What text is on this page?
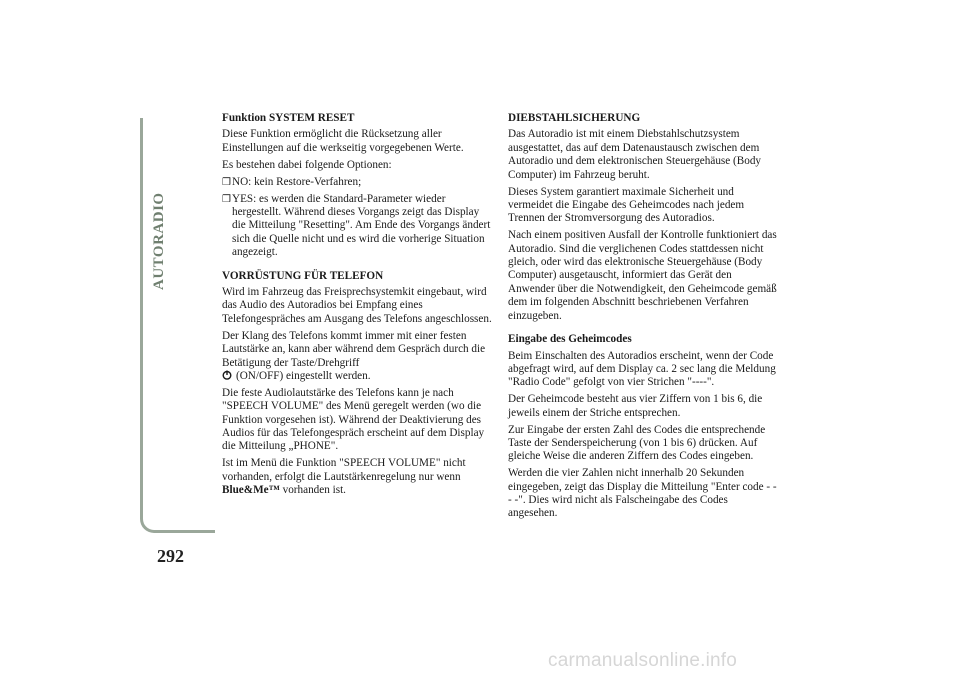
AUTORADIO
292
Funktion SYSTEM RESET

Diese Funktion ermöglicht die Rücksetzung aller Einstellungen auf die werkseitig vorgegebenen Werte.

Es bestehen dabei folgende Optionen:

❒ NO: kein Restore-Verfahren;
❒ YES: es werden die Standard-Parameter wieder hergestellt. Während dieses Vorgangs zeigt das Display die Mitteilung "Resetting". Am Ende des Vorgangs ändert sich die Quelle nicht und es wird die vorherige Situation angezeigt.
VORRÜSTUNG FÜR TELEFON

Wird im Fahrzeug das Freisprechsystemkit eingebaut, wird das Audio des Autoradios bei Empfang eines Telefongespräches am Ausgang des Telefons angeschlossen.

Der Klang des Telefons kommt immer mit einer festen Lautstärke an, kann aber während dem Gespräch durch die Betätigung der Taste/Drehgriff
(ON/OFF) eingestellt werden.

Die feste Audiolautstärke des Telefons kann je nach "SPEECH VOLUME" des Menü geregelt werden (wo die Funktion vorgesehen ist). Während der Deaktivierung des Audios für das Telefongespräch erscheint auf dem Display die Mitteilung „PHONE".

Ist im Menü die Funktion "SPEECH VOLUME" nicht vorhanden, erfolgt die Lautstärkenregelung nur wenn Blue&Me™ vorhanden ist.

DIEBSTAHLSICHERUNG

Das Autoradio ist mit einem Diebstahlschutzsystem ausgestattet, das auf dem Datenaustausch zwischen dem Autoradio und dem elektronischen Steuergehäuse (Body Computer) im Fahrzeug beruht.

Dieses System garantiert maximale Sicherheit und vermeidet die Eingabe des Geheimcodes nach jedem Trennen der Stromversorgung des Autoradios.

Nach einem positiven Ausfall der Kontrolle funktioniert das Autoradio. Sind die verglichenen Codes stattdessen nicht gleich, oder wird das elektronische Steuergehäuse (Body Computer) ausgetauscht, informiert das Gerät den Anwender über die Notwendigkeit, den Geheimcode gemäß dem im folgenden Abschnitt beschriebenen Verfahren einzugeben.

Eingabe des Geheimcodes

Beim Einschalten des Autoradios erscheint, wenn der Code abgefragt wird, auf dem Display ca. 2 sec lang die Meldung "Radio Code" gefolgt von vier Strichen "----".

Der Geheimcode besteht aus vier Ziffern von 1 bis 6, die jeweils einem der Striche entsprechen.

Zur Eingabe der ersten Zahl des Codes die entsprechende Taste der Senderspeicherung (von 1 bis 6) drücken. Auf gleiche Weise die anderen Ziffern des Codes eingeben.

Werden die vier Zahlen nicht innerhalb 20 Sekunden eingegeben, zeigt das Display die Mitteilung "Enter code - - - -". Dies wird nicht als Falscheingabe des Codes angesehen.

carmanualsonline.info
